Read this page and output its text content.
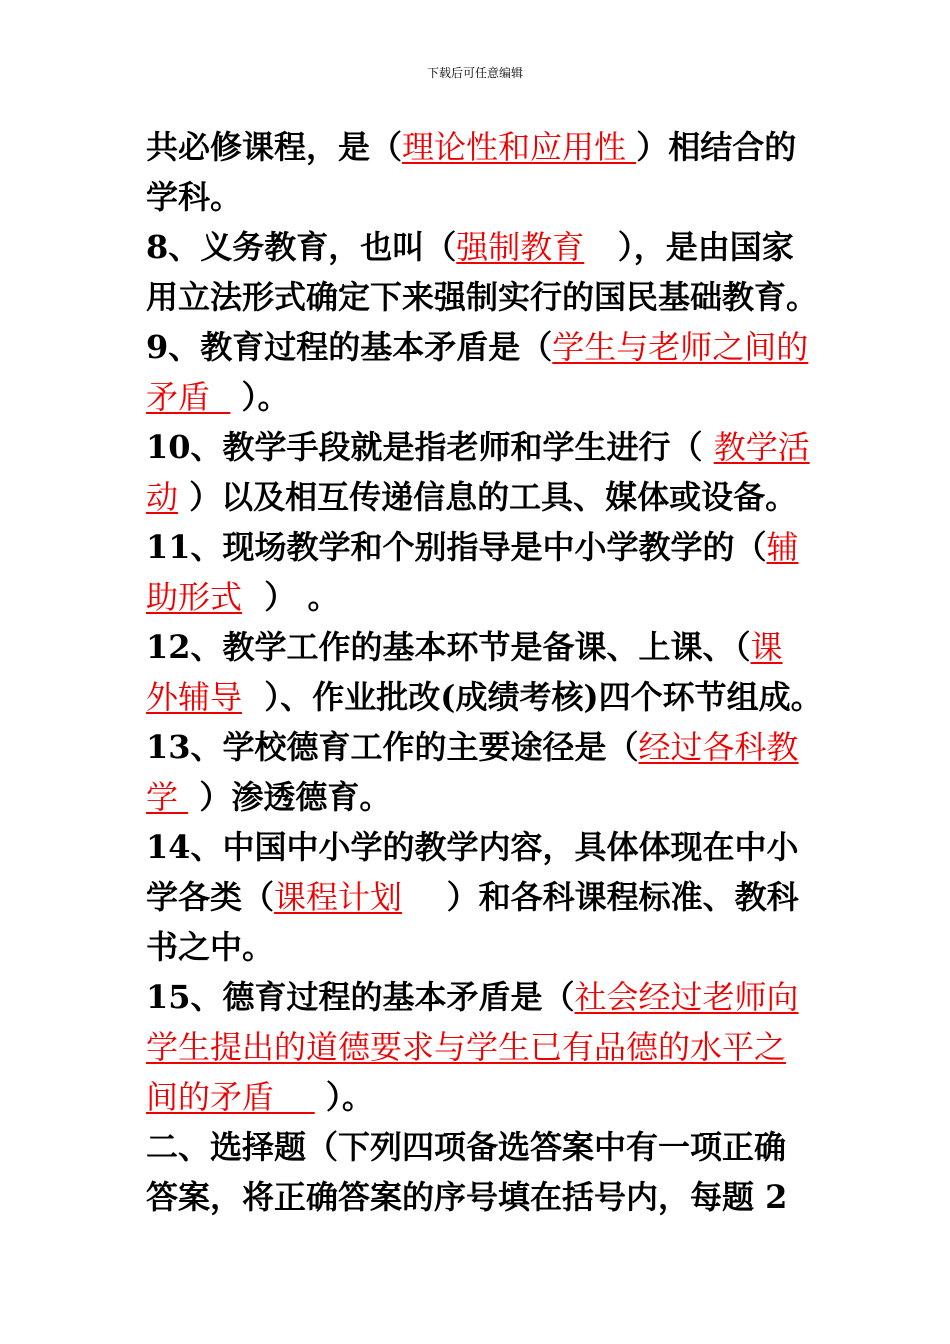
下载后可任意编辑
共必修课程，是（理论性和应用性 ）相结合的
学科。
8、义务教育，也叫（强制教育   ），是由国家
用立法形式确定下来强制实行的国民基础教育。
9、教育过程的基本矛盾是（学生与老师之间的
矛盾   ）。
10、教学手段就是指老师和学生进行（ 教学活
动 ）以及相互传递信息的工具、媒体或设备。
11、现场教学和个别指导是中小学教学的（辅
助形式  ） 。
12、教学工作的基本环节是备课、上课、（课
外辅导  ）、作业批改(成绩考核)四个环节组成。
13、学校德育工作的主要途径是（经过各科教
学  ）渗透德育。
14、中国中小学的教学内容，具体体现在中小
学各类（课程计划    ）和各科课程标准、教科
书之中。
15、德育过程的基本矛盾是（社会经过老师向
学生提出的道德要求与学生已有品德的水平之
间的矛盾     ）。
二、选择题（下列四项备选答案中有一项正确
答案，将正确答案的序号填在括号内，每题 2
